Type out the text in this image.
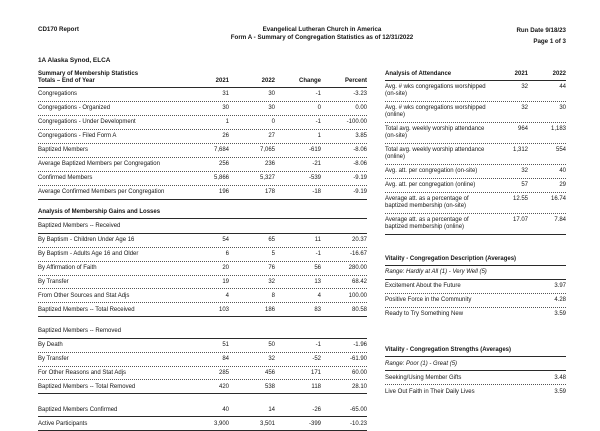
CD170 Report	Evangelical Lutheran Church in America
Form A - Summary of Congregation Statistics as of 12/31/2022
Run Date 9/18/23
Page 1 of 3
1A Alaska Synod, ELCA
Summary of Membership Statistics
Totals – End of Year	2021	2022	Change	Percent
Congregations	31	30	-1	-3.23
Congregations - Organized	30	30	0	0.00
Congregations - Under Development	1	0	-1	-100.00
Congregations - Filed Form A	26	27	1	3.85
Baptized Members	7,684	7,065	-619	-8.06
Average Baptized Members per Congregation	256	236	-21	-8.06
Confirmed Members	5,866	5,327	-539	-9.19
Average Confirmed Members per Congregation	196	178	-18	-9.19
Analysis of Membership Gains and Losses
Baptized Members -- Received
By Baptism - Children Under Age 16	54	65	11	20.37
By Baptism - Adults Age 16 and Older	6	5	-1	-16.67
By Affirmation of Faith	20	76	56	280.00
By Transfer	19	32	13	68.42
From Other Sources and Stat Adjs	4	8	4	100.00
Baptized Members -- Total Received	103	186	83	80.58
Baptized Members -- Removed
By Death	51	50	-1	-1.96
By Transfer	84	32	-52	-61.90
For Other Reasons and Stat Adjs	285	456	171	60.00
Baptized Members -- Total Removed	420	538	118	28.10
Baptized Members Confirmed	40	14	-26	-65.00
Active Participants	3,900	3,501	-399	-10.23
Analysis of Attendance	2021	2022
Avg. # wks congregations worshipped (on-site)
32	44
Avg. # wks congregations worshipped (online)
32	30
Total avg. weekly worship attendance (on-site)
964	1,183
Total avg. weekly worship attendance (online)
1,312	554
Avg. att. per congregation (on-site)	32	40
Avg. att. per congregation (online)	57	29
Average att. as a percentage of baptized membership (on-site)
12.55	16.74
Average att. as a percentage of baptized membership (online)
17.07	7.84
Vitality - Congregation Description (Averages)
Range: Hardly at All (1) - Very Well (5)
Excitement About the Future	3.97
Positive Force in the Community	4.28
Ready to Try Something New	3.59
Vitality - Congregation Strengths (Averages)
Range: Poor (1) - Great (5)
Seeking/Using Member Gifts	3.48
Live Out Faith in Their Daily Lives	3.59
